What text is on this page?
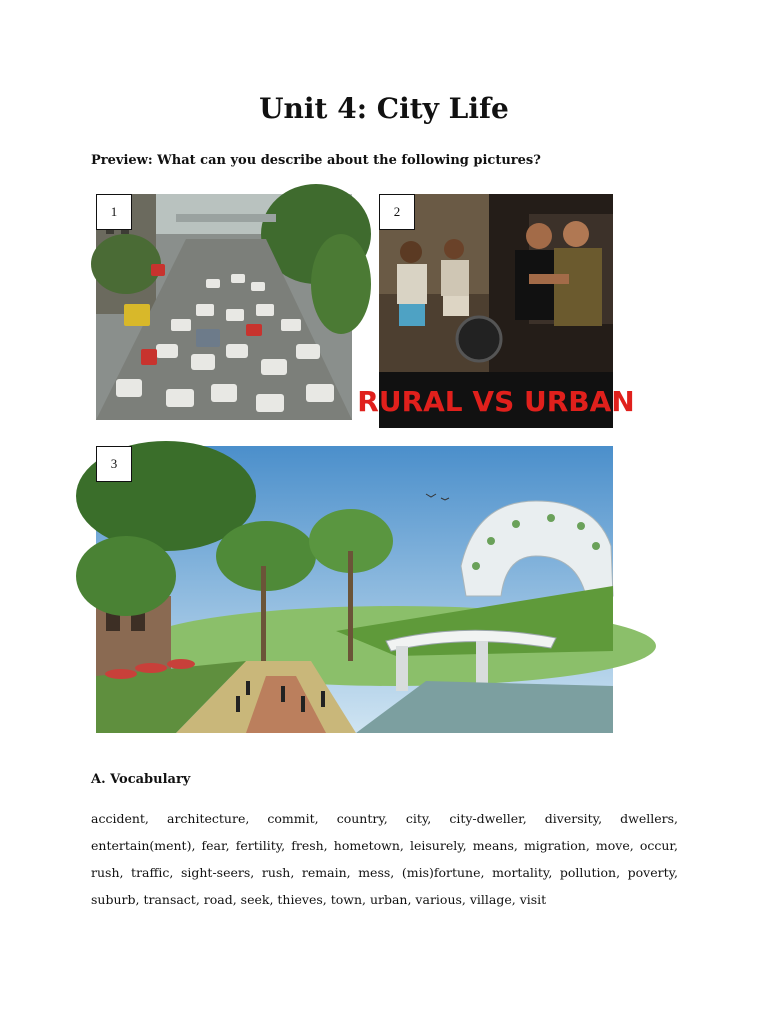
Unit 4: City Life
Preview: What can you describe about the following pictures?
1
RURAL VS URBAN
2
3
A. Vocabulary
accident, architecture, commit, country, city, city-dweller, diversity, dwellers, entertain(ment), fear, fertility, fresh, hometown, leisurely, means, migration, move, occur, rush, traffic, sight-seers, rush, remain, mess, (mis)fortune, mortality, pollution, poverty, suburb, transact, road, seek, thieves, town, urban, various, village, visit
